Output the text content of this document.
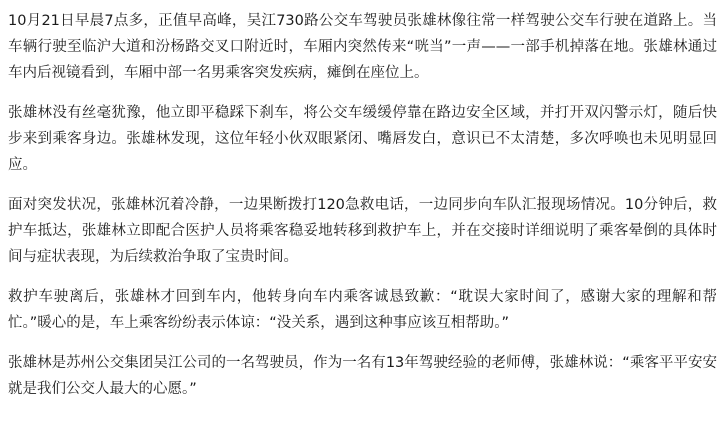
10月21日早晨7点多，正值早高峰，吴江730路公交车驾驶员张雄林像往常一样驾驶公交车行驶在道路上。当车辆行驶至临沪大道和汾杨路交叉口附近时，车厢内突然传来“咣当”一声——一部手机掉落在地。张雄林通过车内后视镜看到，车厢中部一名男乘客突发疾病，瘫倒在座位上。

张雄林没有丝毫犹豫，他立即平稳踩下刹车，将公交车缓缓停靠在路边安全区域，并打开双闪警示灯，随后快步来到乘客身边。张雄林发现，这位年轻小伙双眼紧闭、嘴唇发白，意识已不太清楚，多次呼唤也未见明显回应。

面对突发状况，张雄林沉着冷静，一边果断拨打120急救电话，一边同步向车队汇报现场情况。10分钟后，救护车抵达，张雄林立即配合医护人员将乘客稳妥地转移到救护车上，并在交接时详细说明了乘客晕倒的具体时间与症状表现，为后续救治争取了宝贵时间。

救护车驶离后，张雄林才回到车内，他转身向车内乘客诚恳致歉：“耽误大家时间了，感谢大家的理解和帮忙。”暖心的是，车上乘客纷纷表示体谅：“没关系，遇到这种事应该互相帮助。”

张雄林是苏州公交集团吴江公司的一名驾驶员，作为一名有13年驾驶经验的老师傅，张雄林说：“乘客平平安安就是我们公交人最大的心愿。”
